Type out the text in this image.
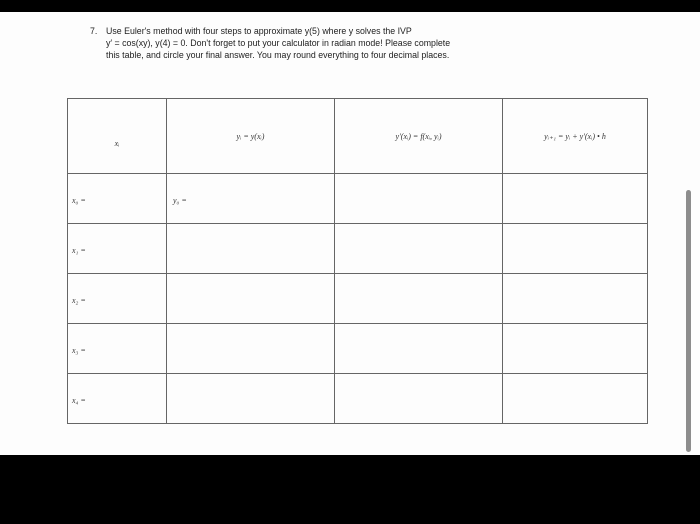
7. Use Euler's method with four steps to approximate y(5) where y solves the IVP
y′ = cos(xy), y(4) = 0. Don't forget to put your calculator in radian mode! Please complete
this table, and circle your final answer. You may round everything to four decimal places.
xᵢ	yᵢ = y(xᵢ)	y′(xᵢ) = f(xᵢ, yᵢ)	yᵢ₊₁ = yᵢ + y′(xᵢ) • h
x₀ =	y₀ =		
x₁ =			
x₂ =			
x₃ =			
x₄ =			
